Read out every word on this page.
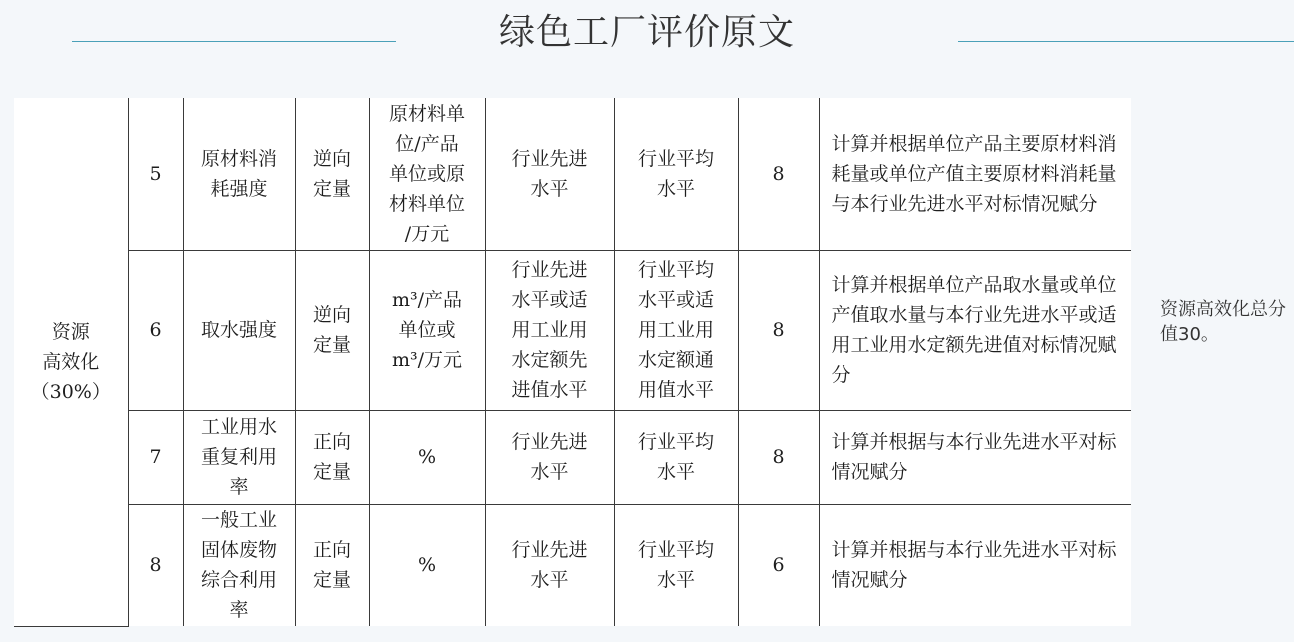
绿色工厂评价原文
资源
高效化
（30%）	5	原材料消
耗强度	逆向
定量	原材料单
位/产品
单位或原
材料单位
/万元	行业先进
水平	行业平均
水平	8	计算并根据单位产品主要原材料消耗量或单位产值主要原材料消耗量与本行业先进水平对标情况赋分
	6	取水强度	逆向
定量	m³/产品
单位或
m³/万元	行业先进
水平或适
用工业用
水定额先
进值水平	行业平均
水平或适
用工业用
水定额通
用值水平	8	计算并根据单位产品取水量或单位产值取水量与本行业先进水平或适用工业用水定额先进值对标情况赋分
	7	工业用水
重复利用
率	正向
定量	%	行业先进
水平	行业平均
水平	8	计算并根据与本行业先进水平对标情况赋分
	8	一般工业
固体废物
综合利用
率	正向
定量	%	行业先进
水平	行业平均
水平	6	计算并根据与本行业先进水平对标情况赋分
资源高效化总分值30。
